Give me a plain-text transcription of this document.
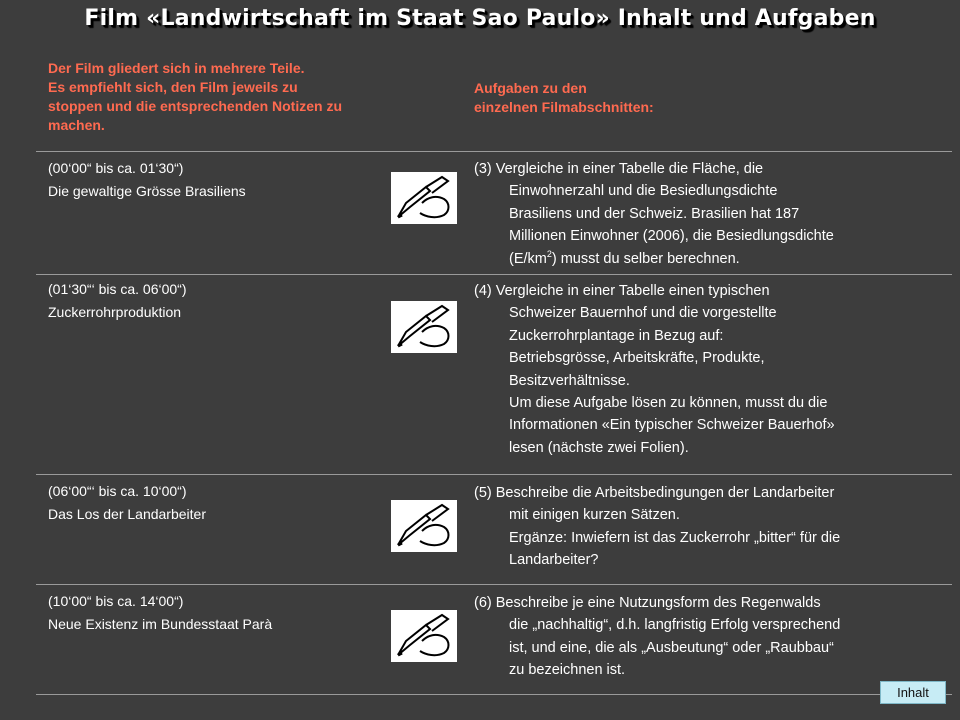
Film «Landwirtschaft im Staat Sao Paulo» Inhalt und Aufgaben
Der Film gliedert sich in mehrere Teile.
Es empfiehlt sich, den Film jeweils zu
stoppen und die entsprechenden Notizen zu
machen.
Aufgaben zu den
einzelnen Filmabschnitten:
(00‘00“ bis ca. 01‘30“)
Die gewaltige Grösse Brasiliens
(3) Vergleiche in einer Tabelle die Fläche, die
Einwohnerzahl und die Besiedlungsdichte
Brasiliens und der Schweiz. Brasilien hat 187
Millionen Einwohner (2006), die Besiedlungsdichte
$(E/km^2)$ musst du selber berechnen.
(01‘30“‘ bis ca. 06‘00“)
Zuckerrohrproduktion
(4) Vergleiche in einer Tabelle einen typischen
Schweizer Bauernhof und die vorgestellte
Zuckerrohrplantage in Bezug auf:
Betriebsgrösse, Arbeitskräfte, Produkte,
Besitzverhältnisse.
Um diese Aufgabe lösen zu können, musst du die
Informationen «Ein typischer Schweizer Bauerhof»
lesen (nächste zwei Folien).
(06‘00“‘ bis ca. 10‘00“)
Das Los der Landarbeiter
(5) Beschreibe die Arbeitsbedingungen der Landarbeiter
mit einigen kurzen Sätzen.
Ergänze: Inwiefern ist das Zuckerrohr „bitter“ für die
Landarbeiter?
(10‘00“ bis ca. 14‘00“)
Neue Existenz im Bundesstaat Parà
(6) Beschreibe je eine Nutzungsform des Regenwalds
die „nachhaltig“, d.h. langfristig Erfolg versprechend
ist, und eine, die als „Ausbeutung“ oder „Raubbau“
zu bezeichnen ist.
Inhalt
